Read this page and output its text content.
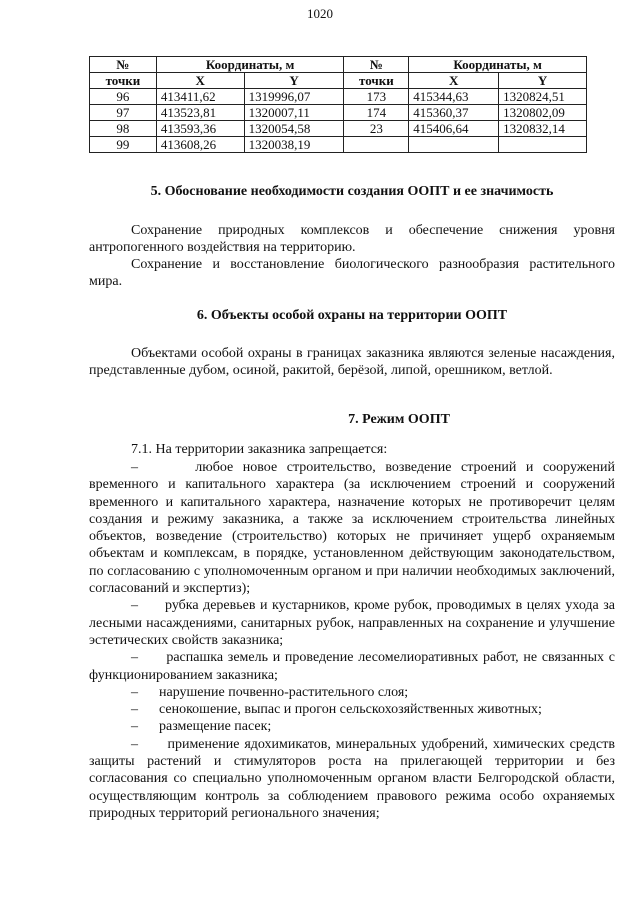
1020
№	Координаты, м		№	Координаты, м	
точки	X	Y	точки	X	Y
96	413411,62	1319996,07	173	415344,63	1320824,51
97	413523,81	1320007,11	174	415360,37	1320802,09
98	413593,36	1320054,58	23	415406,64	1320832,14
99	413608,26	1320038,19			
5. Обоснование необходимости создания ООПТ и ее значимость
Сохранение природных комплексов и обеспечение снижения уровня антропогенного воздействия на территорию.
Сохранение и восстановление биологического разнообразия растительного мира.
6. Объекты особой охраны на территории ООПТ
Объектами особой охраны в границах заказника являются зеленые насаждения, представленные дубом, осиной, ракитой, берёзой, липой, орешником, ветлой.
7. Режим ООПТ
7.1. На территории заказника запрещается:
–      любое новое строительство, возведение строений и сооружений временного и капитального характера (за исключением строений и сооружений временного и капитального характера, назначение которых не противоречит целям создания и режиму заказника, а также за исключением строительства линейных объектов, возведение (строительство) которых не причиняет ущерб охраняемым объектам и комплексам, в порядке, установленном действующим законодательством, по согласованию с уполномоченным органом и при наличии необходимых заключений, согласований и экспертиз);
–      рубка деревьев и кустарников, кроме рубок, проводимых в целях ухода за лесными насаждениями, санитарных рубок, направленных на сохранение и улучшение эстетических свойств заказника;
–      распашка земель и проведение лесомелиоративных работ, не связанных с функционированием заказника;
–      нарушение почвенно-растительного слоя;
–      сенокошение, выпас и прогон сельскохозяйственных животных;
–      размещение пасек;
–      применение ядохимикатов, минеральных удобрений, химических средств защиты растений и стимуляторов роста на прилегающей территории и без согласования со специально уполномоченным органом власти Белгородской области, осуществляющим контроль за соблюдением правового режима особо охраняемых природных территорий регионального значения;
